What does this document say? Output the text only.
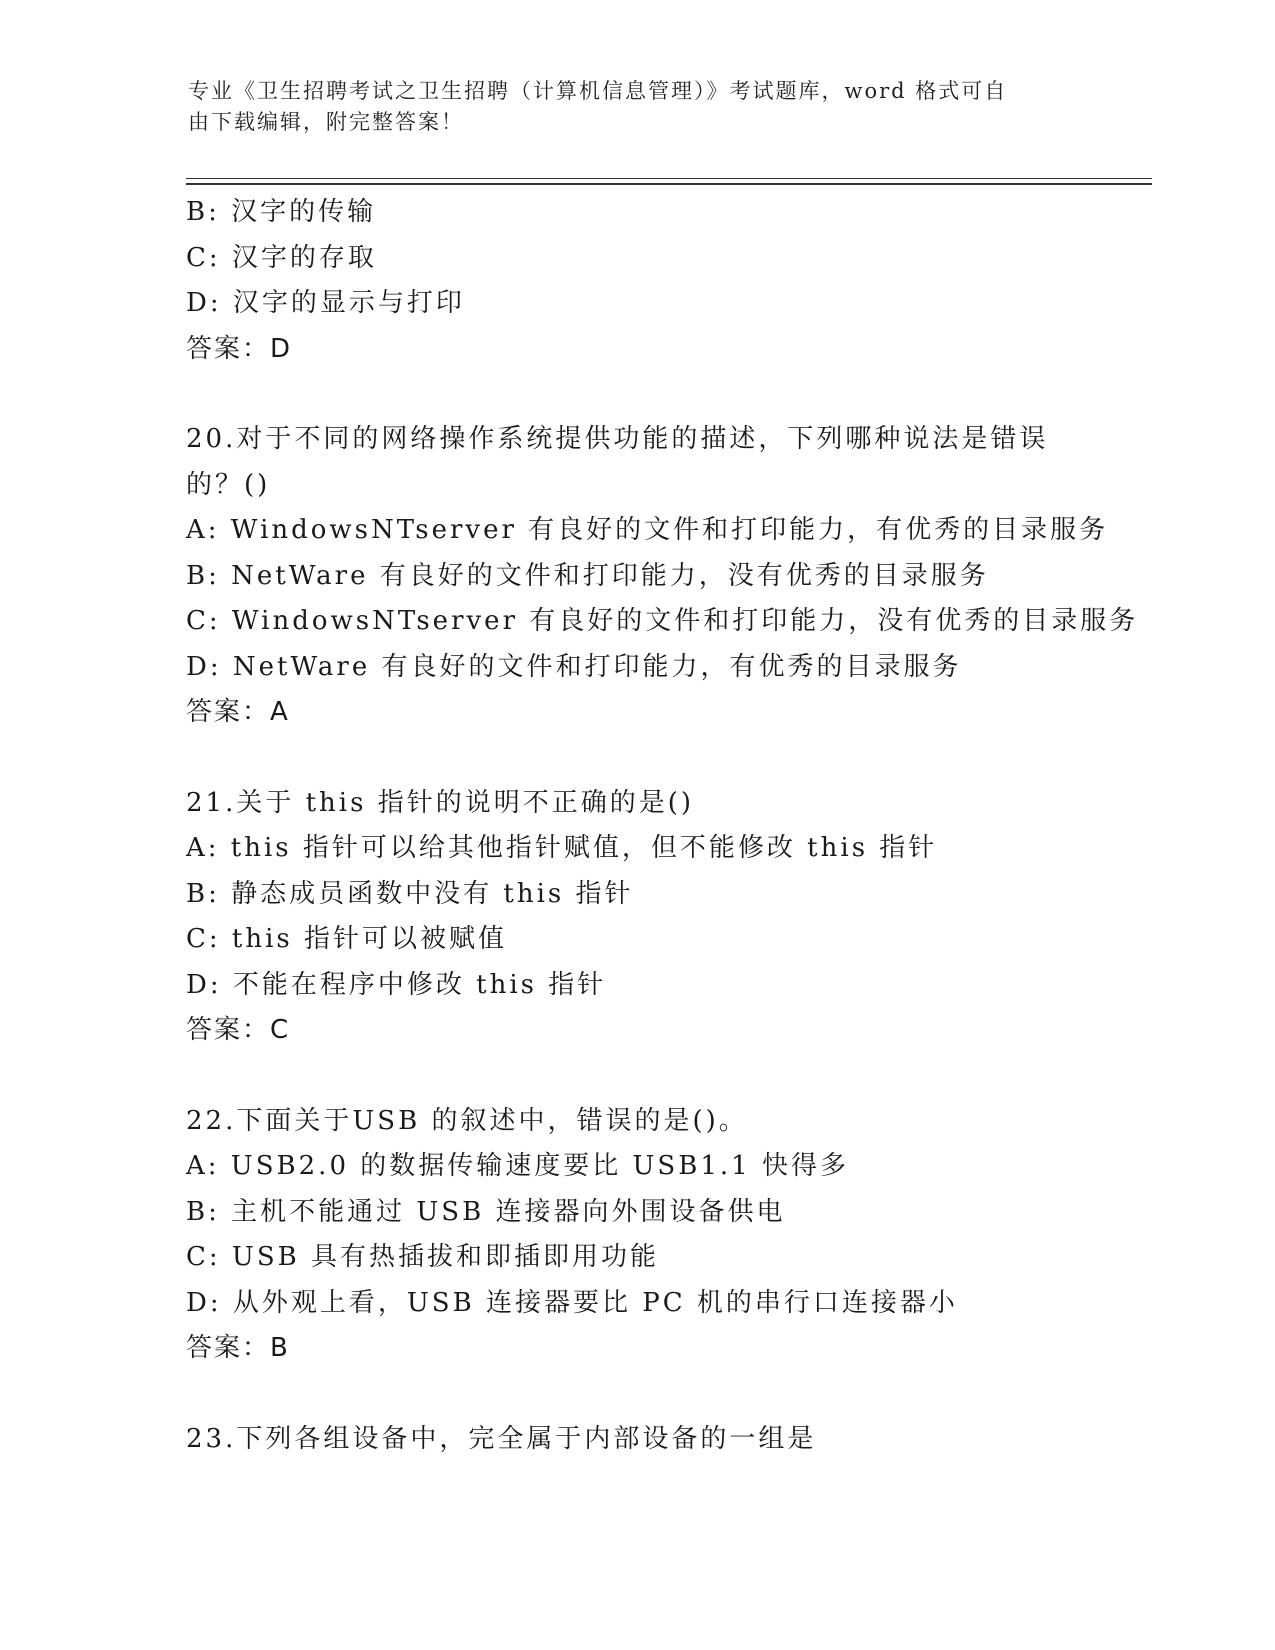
专业《卫生招聘考试之卫生招聘（计算机信息管理）》考试题库，word 格式可自
由下载编辑，附完整答案！
B: 汉字的传输
C: 汉字的存取
D: 汉字的显示与打印
答案：D
20.对于不同的网络操作系统提供功能的描述，下列哪种说法是错误的？()
A: WindowsNTserver 有良好的文件和打印能力，有优秀的目录服务
B: NetWare 有良好的文件和打印能力，没有优秀的目录服务
C: WindowsNTserver 有良好的文件和打印能力，没有优秀的目录服务
D: NetWare 有良好的文件和打印能力，有优秀的目录服务
答案：A
21.关于 this 指针的说明不正确的是()
A: this 指针可以给其他指针赋值，但不能修改 this 指针
B: 静态成员函数中没有 this 指针
C: this 指针可以被赋值
D: 不能在程序中修改 this 指针
答案：C
22.下面关于USB 的叙述中，错误的是()。
A: USB2.0 的数据传输速度要比 USB1.1 快得多
B: 主机不能通过 USB 连接器向外围设备供电
C: USB 具有热插拔和即插即用功能
D: 从外观上看，USB 连接器要比 PC 机的串行口连接器小
答案：B
23.下列各组设备中，完全属于内部设备的一组是
